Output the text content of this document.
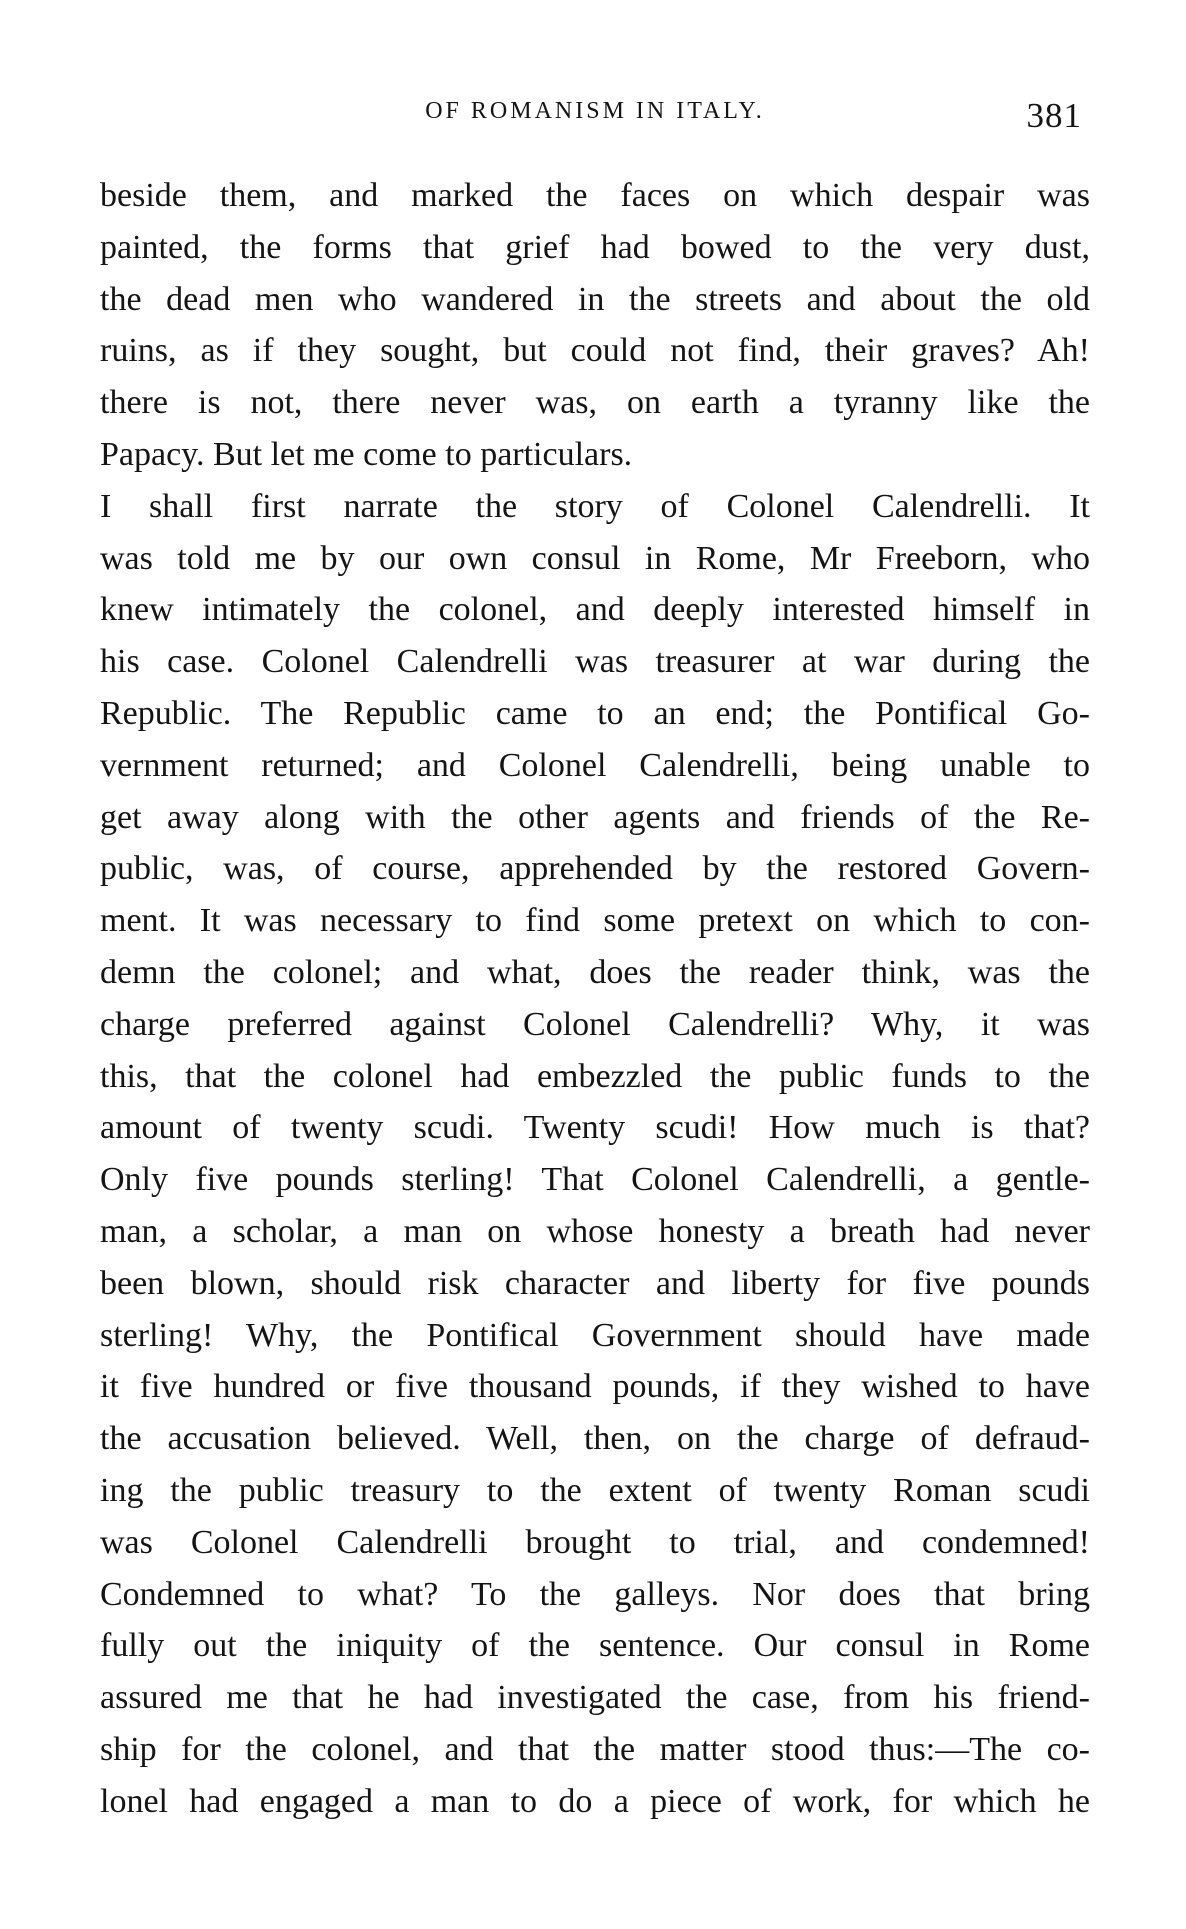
OF ROMANISM IN ITALY.	381
beside them, and marked the faces on which despair was
painted, the forms that grief had bowed to the very dust,
the dead men who wandered in the streets and about the old
ruins, as if they sought, but could not find, their graves? Ah!
there is not, there never was, on earth a tyranny like the
Papacy. But let me come to particulars.
I shall first narrate the story of Colonel Calendrelli. It
was told me by our own consul in Rome, Mr Freeborn, who
knew intimately the colonel, and deeply interested himself in
his case. Colonel Calendrelli was treasurer at war during the
Republic. The Republic came to an end; the Pontifical Go-
vernment returned; and Colonel Calendrelli, being unable to
get away along with the other agents and friends of the Re-
public, was, of course, apprehended by the restored Govern-
ment. It was necessary to find some pretext on which to con-
demn the colonel; and what, does the reader think, was the
charge preferred against Colonel Calendrelli? Why, it was
this, that the colonel had embezzled the public funds to the
amount of twenty scudi. Twenty scudi! How much is that?
Only five pounds sterling! That Colonel Calendrelli, a gentle-
man, a scholar, a man on whose honesty a breath had never
been blown, should risk character and liberty for five pounds
sterling! Why, the Pontifical Government should have made
it five hundred or five thousand pounds, if they wished to have
the accusation believed. Well, then, on the charge of defraud-
ing the public treasury to the extent of twenty Roman scudi
was Colonel Calendrelli brought to trial, and condemned!
Condemned to what? To the galleys. Nor does that bring
fully out the iniquity of the sentence. Our consul in Rome
assured me that he had investigated the case, from his friend-
ship for the colonel, and that the matter stood thus:—The co-
lonel had engaged a man to do a piece of work, for which he
